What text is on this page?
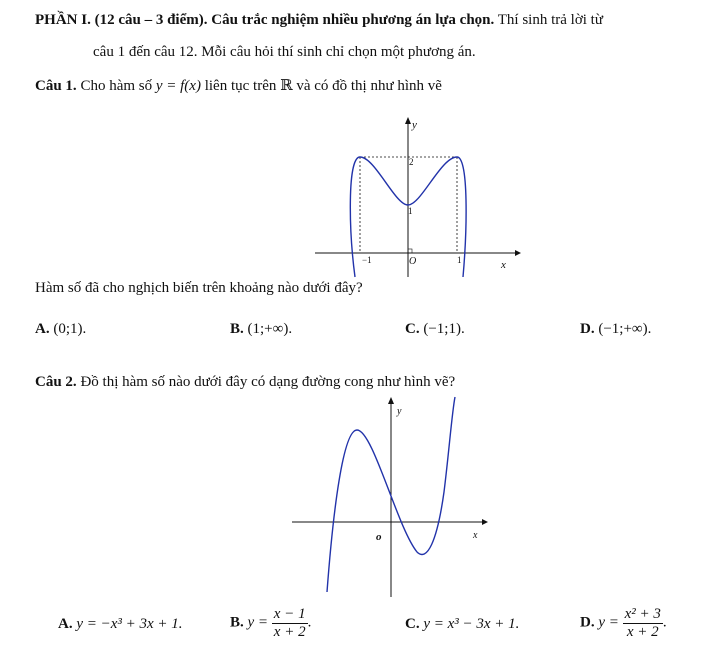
PHẦN I. (12 câu – 3 điểm). Câu trắc nghiệm nhiều phương án lựa chọn. Thí sinh trả lời từ
câu 1 đến câu 12. Mỗi câu hỏi thí sinh chỉ chọn một phương án.
Câu 1. Cho hàm số y = f(x) liên tục trên ℝ và có đồ thị như hình vẽ
y
x
O
−1	1
1
2
Hàm số đã cho nghịch biến trên khoảng nào dưới đây?
A. (0;1).	B. (1;+∞).	C. (−1;1).	D. (−1;+∞).
Câu 2. Đồ thị hàm số nào dưới đây có dạng đường cong như hình vẽ?
y
x
o
A. y = −x³ + 3x + 1.	B. $y = \frac{x - 1}{x + 2}$ .	C. y = x³ − 3x + 1.	D. $y = \frac{\text{x² + 3}}{x + 2}$ .
